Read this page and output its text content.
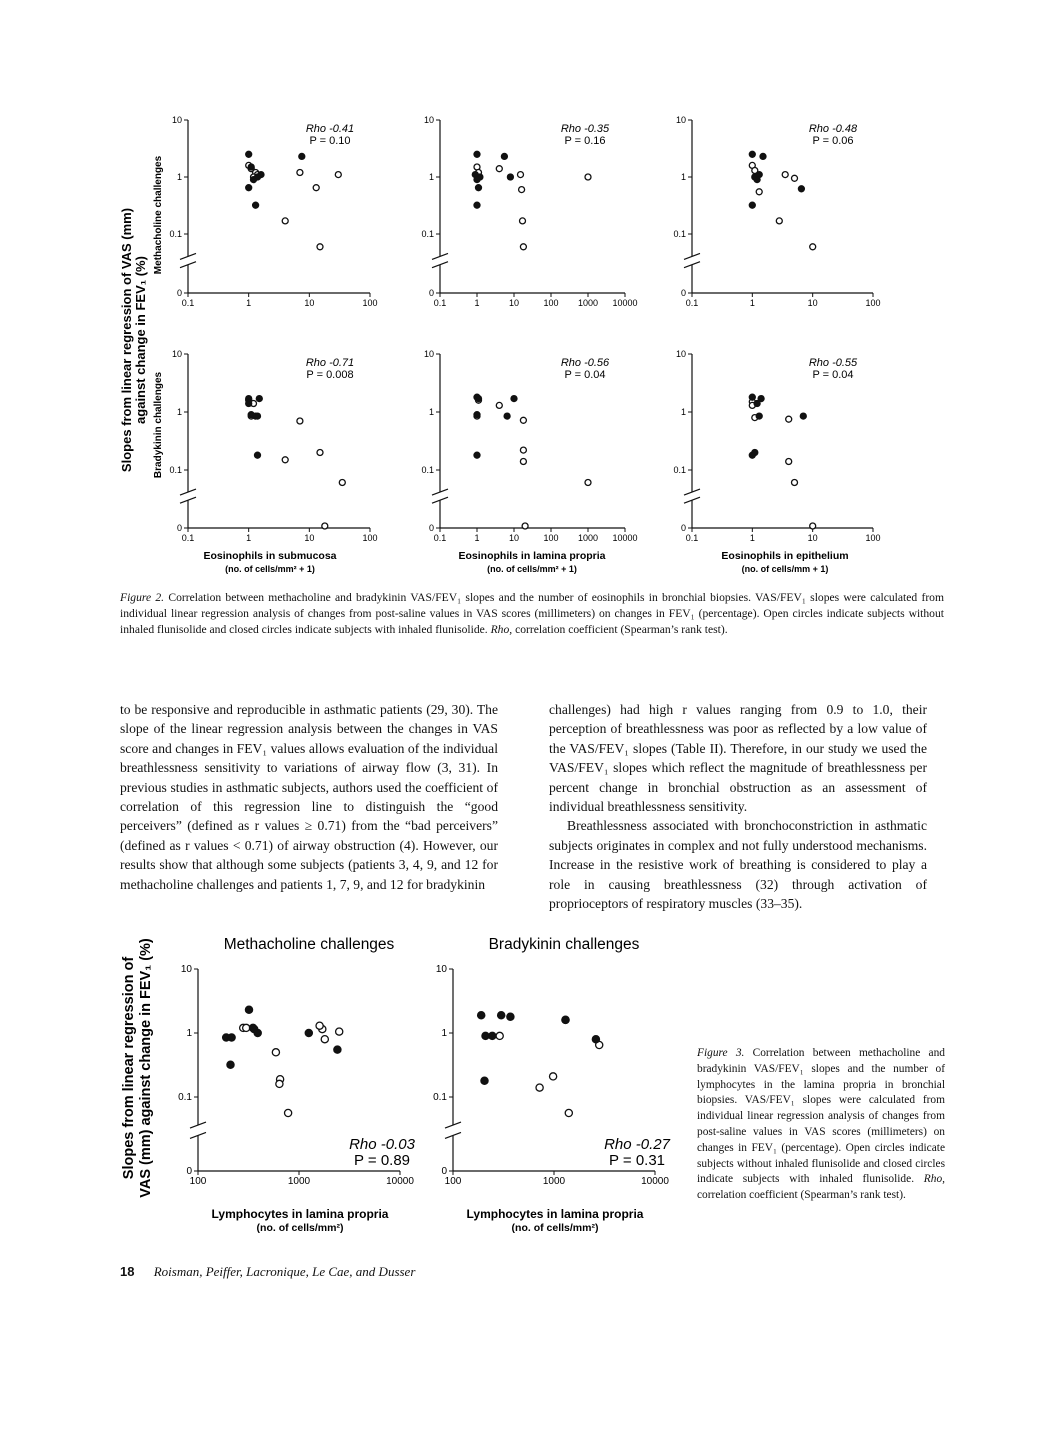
Slopes from linear regression of VAS (mm) against change in FEV₁ (%)
Methacholine challenges
Bradykinin challenges
0
0.1
1
10
0.1	1	10	100
Rho -0.41
P = 0.10
0
0.1
1
10
0.1	1	10	100 1000 10000
Rho -0.35
P = 0.16
0
0.1
1
10
0.1	1	10	100
Rho -0.48
P = 0.06
0
0.1
1
10
0.1	1	10	100
Rho -0.71
P = 0.008
0
0.1
1
10
0.1	1	10	100 1000 10000
Rho -0.56
P = 0.04
0
0.1
1
10
0.1	1	10	100
Rho -0.55
P = 0.04
Eosinophils in submucosa
(no. of cells/mm² + 1)
Eosinophils in lamina propria
(no. of cells/mm² + 1)
Eosinophils in epithelium
(no. of cells/mm + 1)
Figure 2. Correlation between methacholine and bradykinin VAS/FEV₁ slopes and the number of eosinophils in bronchial biopsies. VAS/FEV₁ slopes were calculated from individual linear regression analysis of changes from post-saline values in VAS scores (millimeters) on changes in FEV₁ (percentage). Open circles indicate subjects without inhaled flunisolide and closed circles indicate subjects with inhaled flunisolide. Rho, correlation coefficient (Spearman’s rank test).

to be responsive and reproducible in asthmatic patients (29, 30). The slope of the linear regression analysis between the changes in VAS score and changes in FEV₁ values allows evaluation of the individual breathlessness sensitivity to variations of airway flow (3, 31). In previous studies in asthmatic subjects, authors used the coefficient of correlation of this regression line to distinguish the “good perceivers” (defined as r values ≥ 0.71) from the “bad perceivers” (defined as r values < 0.71) of airway obstruction (4). However, our results show that although some subjects (patients 3, 4, 9, and 12 for methacholine challenges and patients 1, 7, 9, and 12 for bradykinin

challenges) had high r values ranging from 0.9 to 1.0, their perception of breathlessness was poor as reflected by a low value of the VAS/FEV₁ slopes (Table II). Therefore, in our study we used the VAS/FEV₁ slopes which reflect the magnitude of breathlessness per percent change in bronchial obstruction as an assessment of individual breathlessness sensitivity.

Breathlessness associated with bronchoconstriction in asthmatic subjects originates in complex and not fully understood mechanisms. Increase in the resistive work of breathing is considered to play a role in causing breathlessness (32) through activation of proprioceptors of respiratory muscles (33–35).

Slopes from linear regression of VAS (mm) against change in FEV₁ (%)	Methacholine challenges
0
0.1
1
10
100	1000	10000
Rho -0.03
P = 0.89
Bradykinin challenges
0
0.1
1
10
100	1000	10000
Rho -0.27
P = 0.31
Lymphocytes in lamina propria
(no. of cells/mm²)
Lymphocytes in lamina propria
(no. of cells/mm²)
Figure 3. Correlation between methacholine and bradykinin VAS/FEV₁ slopes and the number of lymphocytes in the lamina propria in bronchial biopsies. VAS/FEV₁ slopes were calculated from individual linear regression analysis of changes from post-saline values in VAS scores (millimeters) on changes in FEV₁ (percentage). Open circles indicate subjects without inhaled flunisolide and closed circles indicate subjects with inhaled flunisolide. Rho, correlation coefficient (Spearman’s rank test).
18 Roisman, Peiffer, Lacronique, Le Cae, and Dusser
